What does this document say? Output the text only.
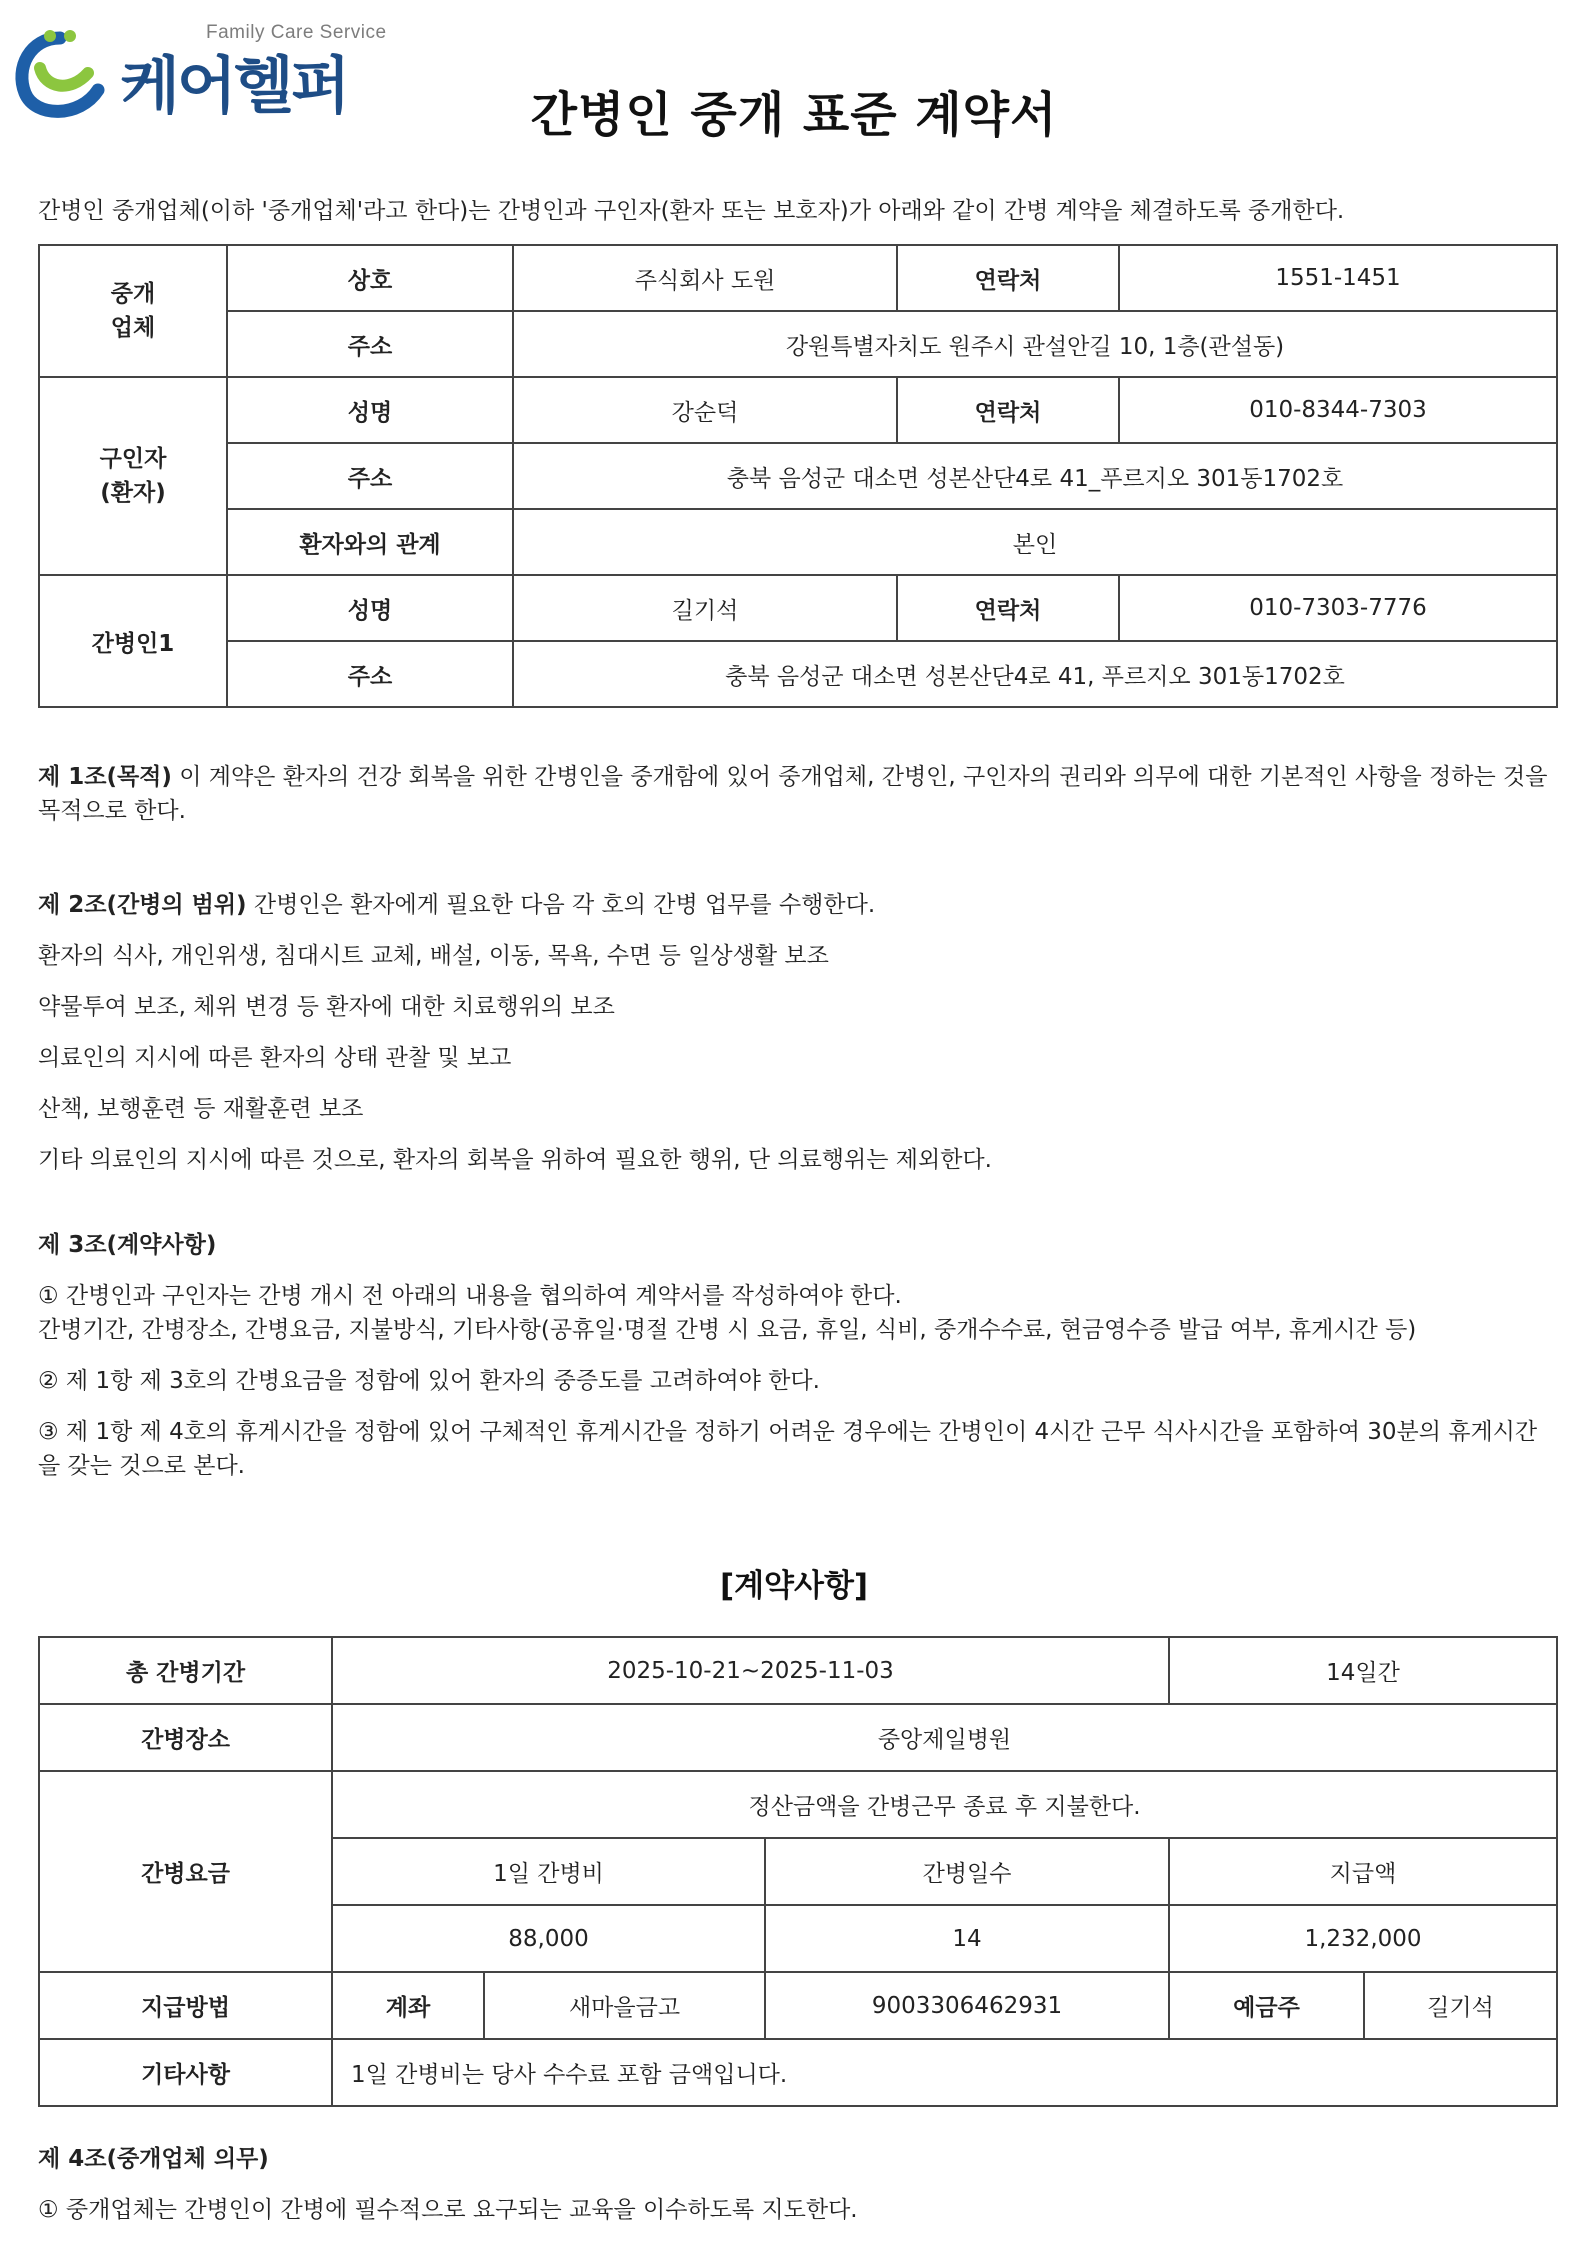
Family Care Service
케어헬퍼	간병인 중개 표준 계약서
간병인 중개업체(이하 '중개업체'라고 한다)는 간병인과 구인자(환자 또는 보호자)가 아래와 같이 간병 계약을 체결하도록 중개한다.
중개
업체	상호	주식회사 도원	연락처	1551-1451
	주소	강원특별자치도 원주시 관설안길 10, 1층(관설동)		
구인자
(환자)	성명	강순덕	연락처	010-8344-7303
	주소	충북 음성군 대소면 성본산단4로 41_푸르지오 301동1702호		
	환자와의 관계	본인		
간병인1	성명	길기석	연락처	010-7303-7776
	주소	충북 음성군 대소면 성본산단4로 41, 푸르지오 301동1702호		
제 1조(목적) 이 계약은 환자의 건강 회복을 위한 간병인을 중개함에 있어 중개업체, 간병인, 구인자의 권리와 의무에 대한 기본적인 사항을 정하는 것을 목적으로 한다.
제 2조(간병의 범위) 간병인은 환자에게 필요한 다음 각 호의 간병 업무를 수행한다.
환자의 식사, 개인위생, 침대시트 교체, 배설, 이동, 목욕, 수면 등 일상생활 보조
약물투여 보조, 체위 변경 등 환자에 대한 치료행위의 보조
의료인의 지시에 따른 환자의 상태 관찰 및 보고
산책, 보행훈련 등 재활훈련 보조
기타 의료인의 지시에 따른 것으로, 환자의 회복을 위하여 필요한 행위, 단 의료행위는 제외한다.
제 3조(계약사항)
① 간병인과 구인자는 간병 개시 전 아래의 내용을 협의하여 계약서를 작성하여야 한다.
간병기간, 간병장소, 간병요금, 지불방식, 기타사항(공휴일·명절 간병 시 요금, 휴일, 식비, 중개수수료, 현금영수증 발급 여부, 휴게시간 등)
② 제 1항 제 3호의 간병요금을 정함에 있어 환자의 중증도를 고려하여야 한다.
③ 제 1항 제 4호의 휴게시간을 정함에 있어 구체적인 휴게시간을 정하기 어려운 경우에는 간병인이 4시간 근무 식사시간을 포함하여 30분의 휴게시간을 갖는 것으로 본다.
[계약사항]
총 간병기간	2025-10-21~2025-11-03			14일간	
간병장소	중앙제일병원				
간병요금	정산금액을 간병근무 종료 후 지불한다.				
	1일 간병비		간병일수	지급액	
	88,000		14	1,232,000	
지급방법	계좌	새마을금고	9003306462931	예금주	길기석
기타사항	1일 간병비는 당사 수수료 포함 금액입니다.				
제 4조(중개업체 의무)
① 중개업체는 간병인이 간병에 필수적으로 요구되는 교육을 이수하도록 지도한다.
